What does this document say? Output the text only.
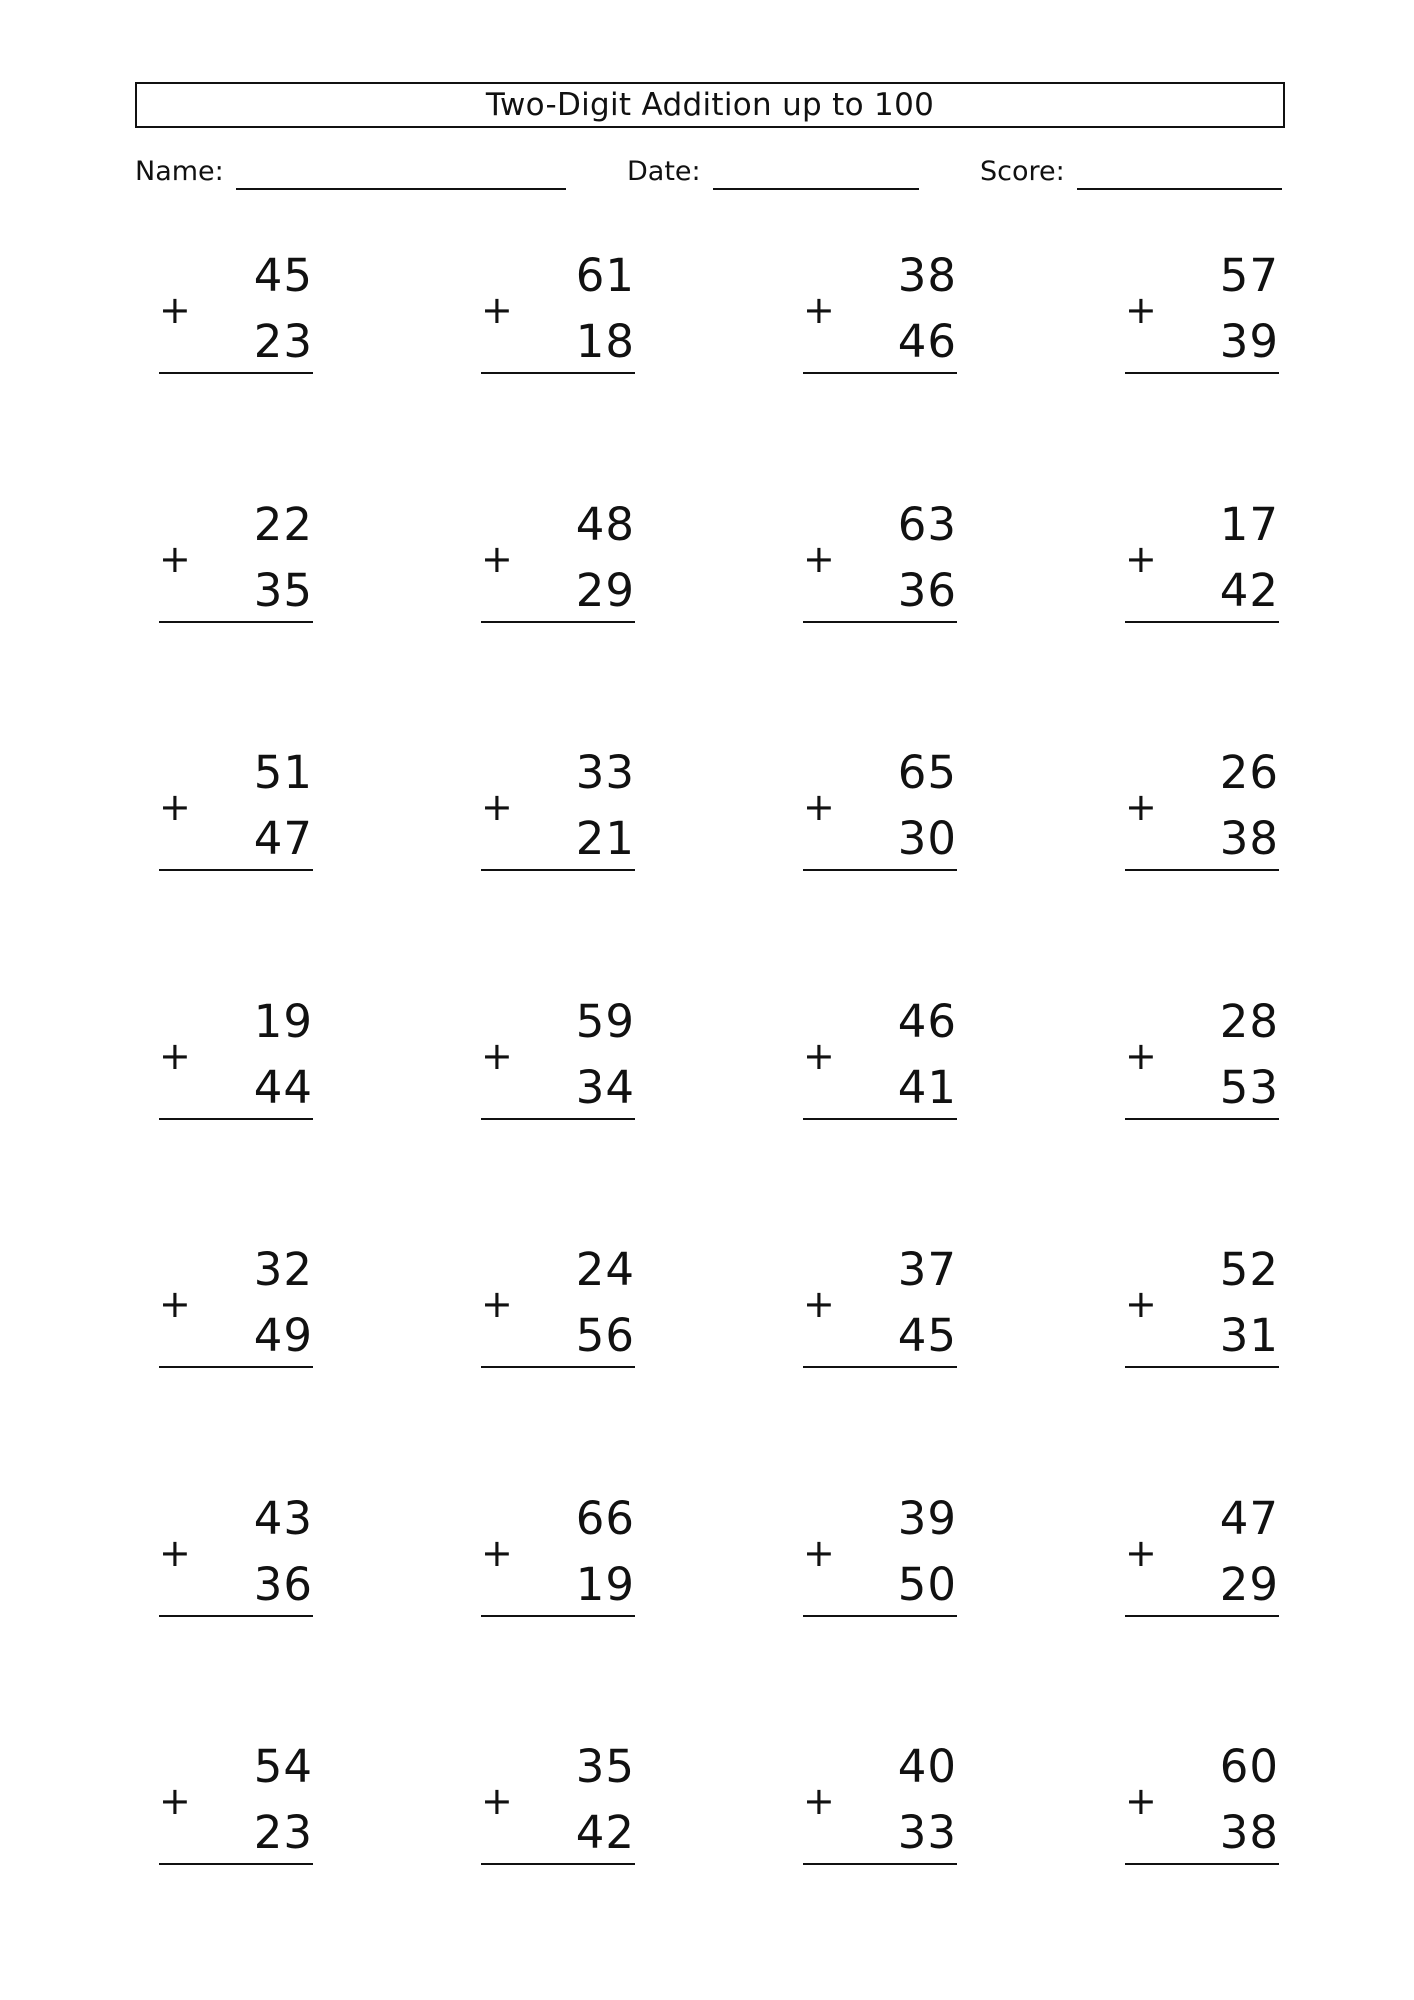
Two-Digit Addition up to 100
Name:	Date:	Score:
45
+
23
61
+
18
38
+
46
57
+
39
22
+
35
48
+
29
63
+
36
17
+
42
51
+
47
33
+
21
65
+
30
26
+
38
19
+
44
59
+
34
46
+
41
28
+
53
32
+
49
24
+
56
37
+
45
52
+
31
43
+
36
66
+
19
39
+
50
47
+
29
54
+
23
35
+
42
40
+
33
60
+
38
